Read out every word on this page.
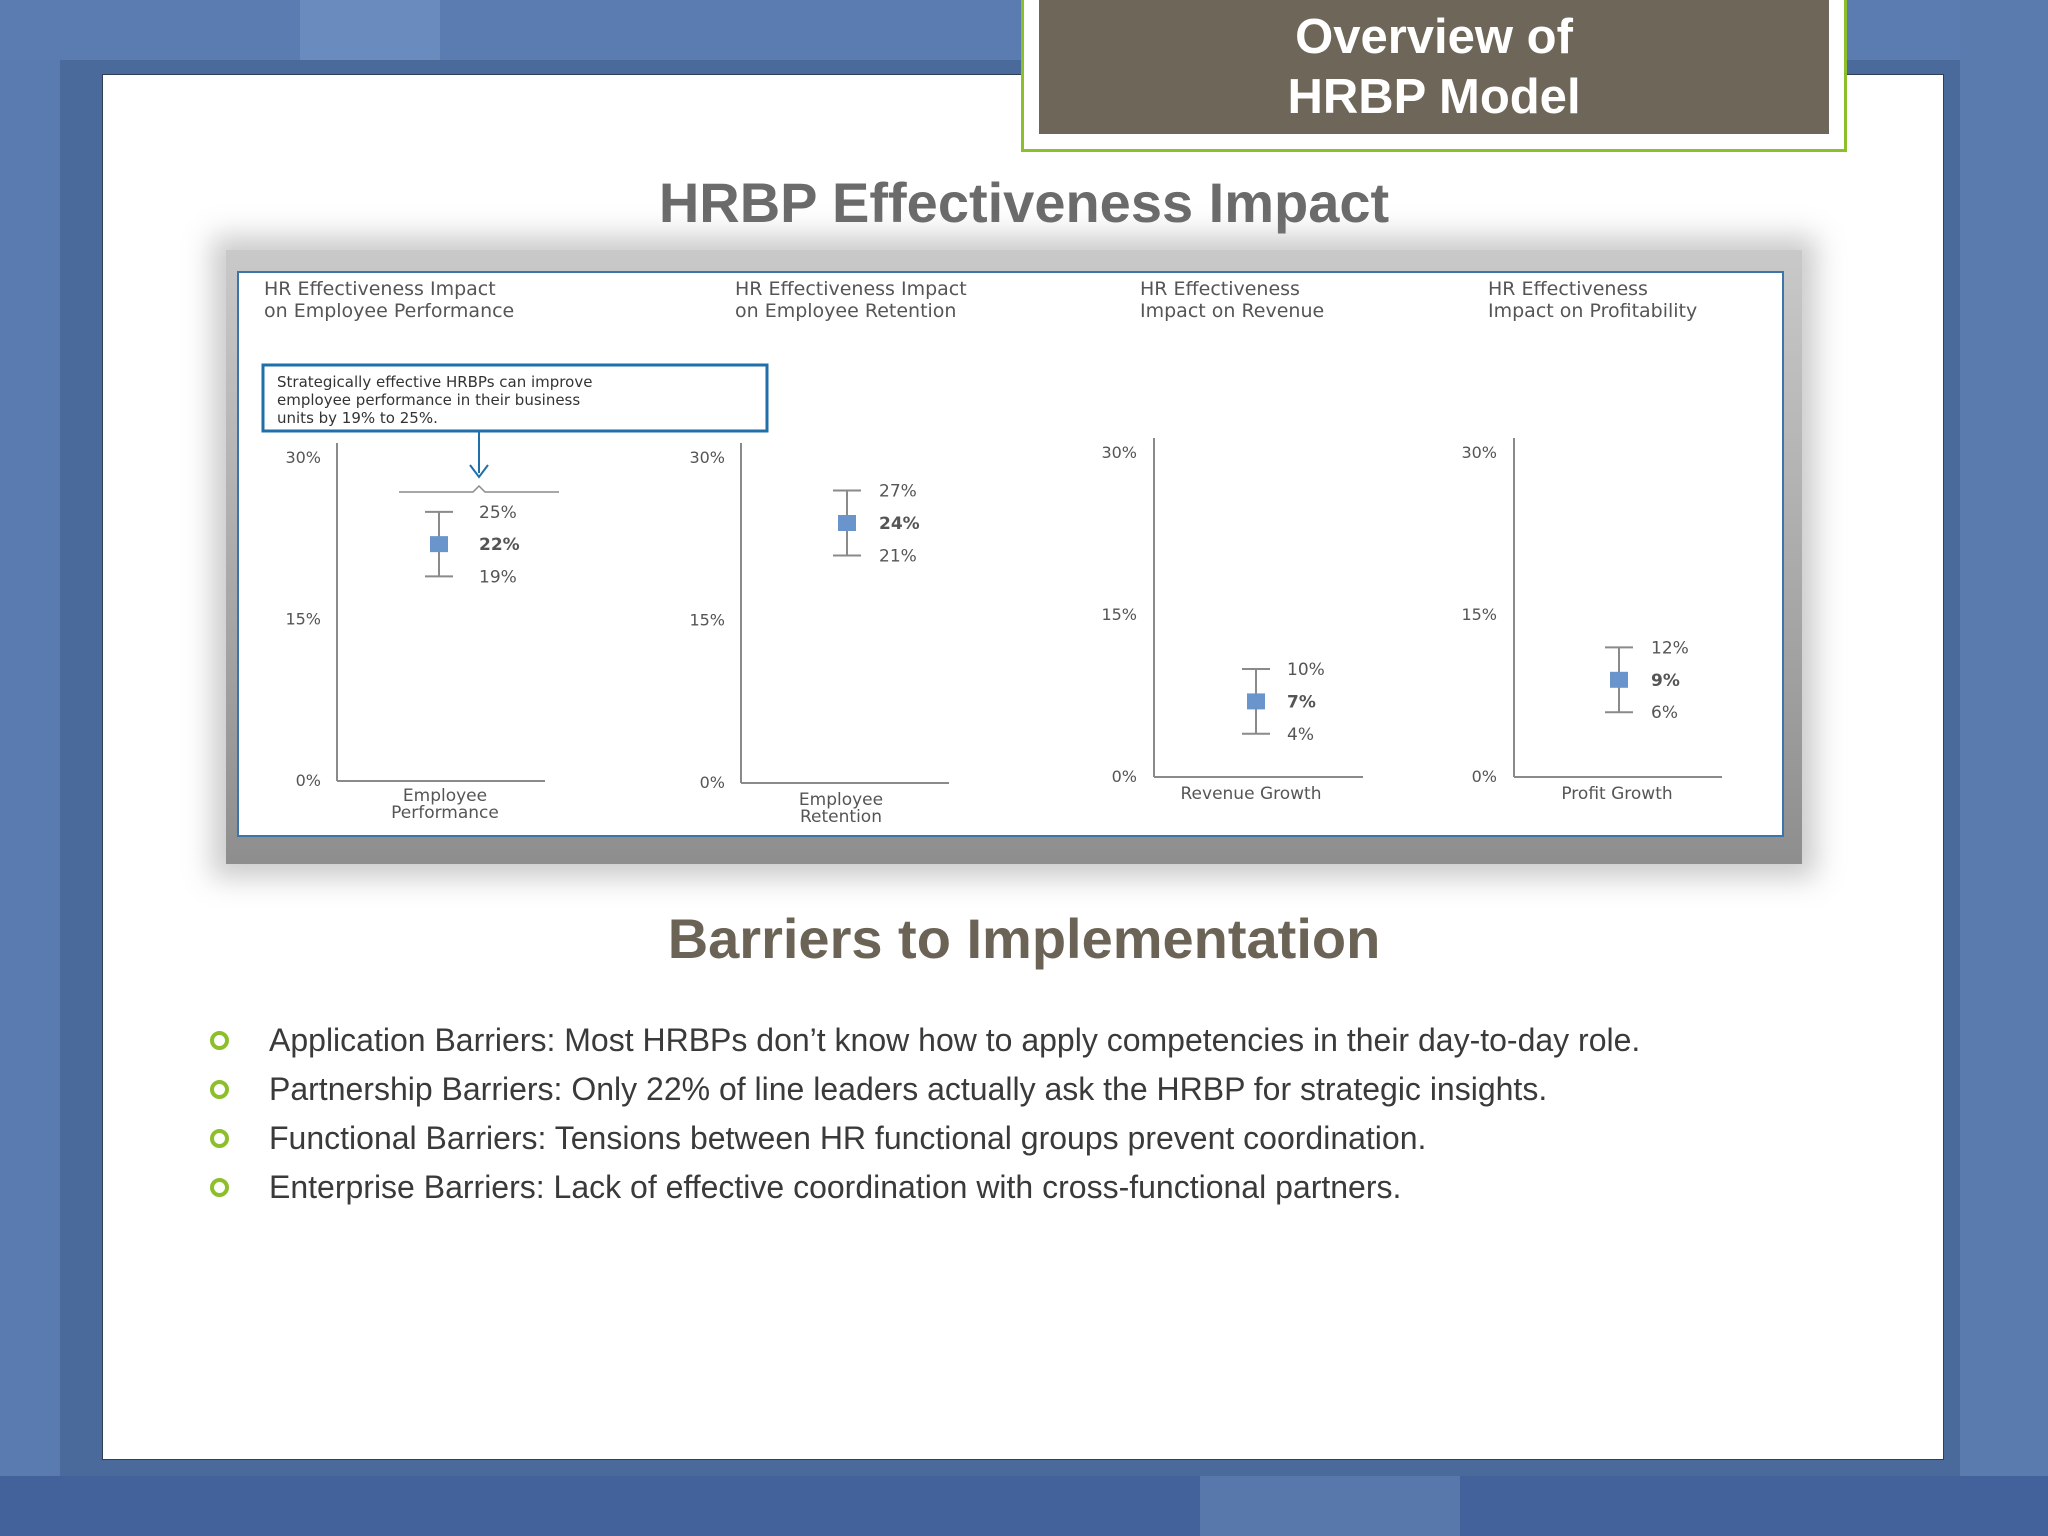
Overview of
HRBP Model
HRBP Effectiveness Impact
HR Effectiveness Impact
on Employee Performance
30%
15%
0%
Employee
Performance
25%
22%
19%
HR Effectiveness Impact
on Employee Retention
30%
15%
0%
Employee
Retention
27%
24%
21%
HR Effectiveness
Impact on Revenue
30%
15%
0%
Revenue Growth
10%
7%
4%
HR Effectiveness
Impact on Profitability
30%
15%
0%
Profit Growth
12%
9%
6%
Strategically effective HRBPs can improve
employee performance in their business
units by 19% to 25%.
Barriers to Implementation
Application Barriers: Most HRBPs don’t know how to apply competencies in their day-to-day role.
Partnership Barriers: Only 22% of line leaders actually ask the HRBP for strategic insights.
Functional Barriers: Tensions between HR functional groups prevent coordination.
Enterprise Barriers: Lack of effective coordination with cross-functional partners.
